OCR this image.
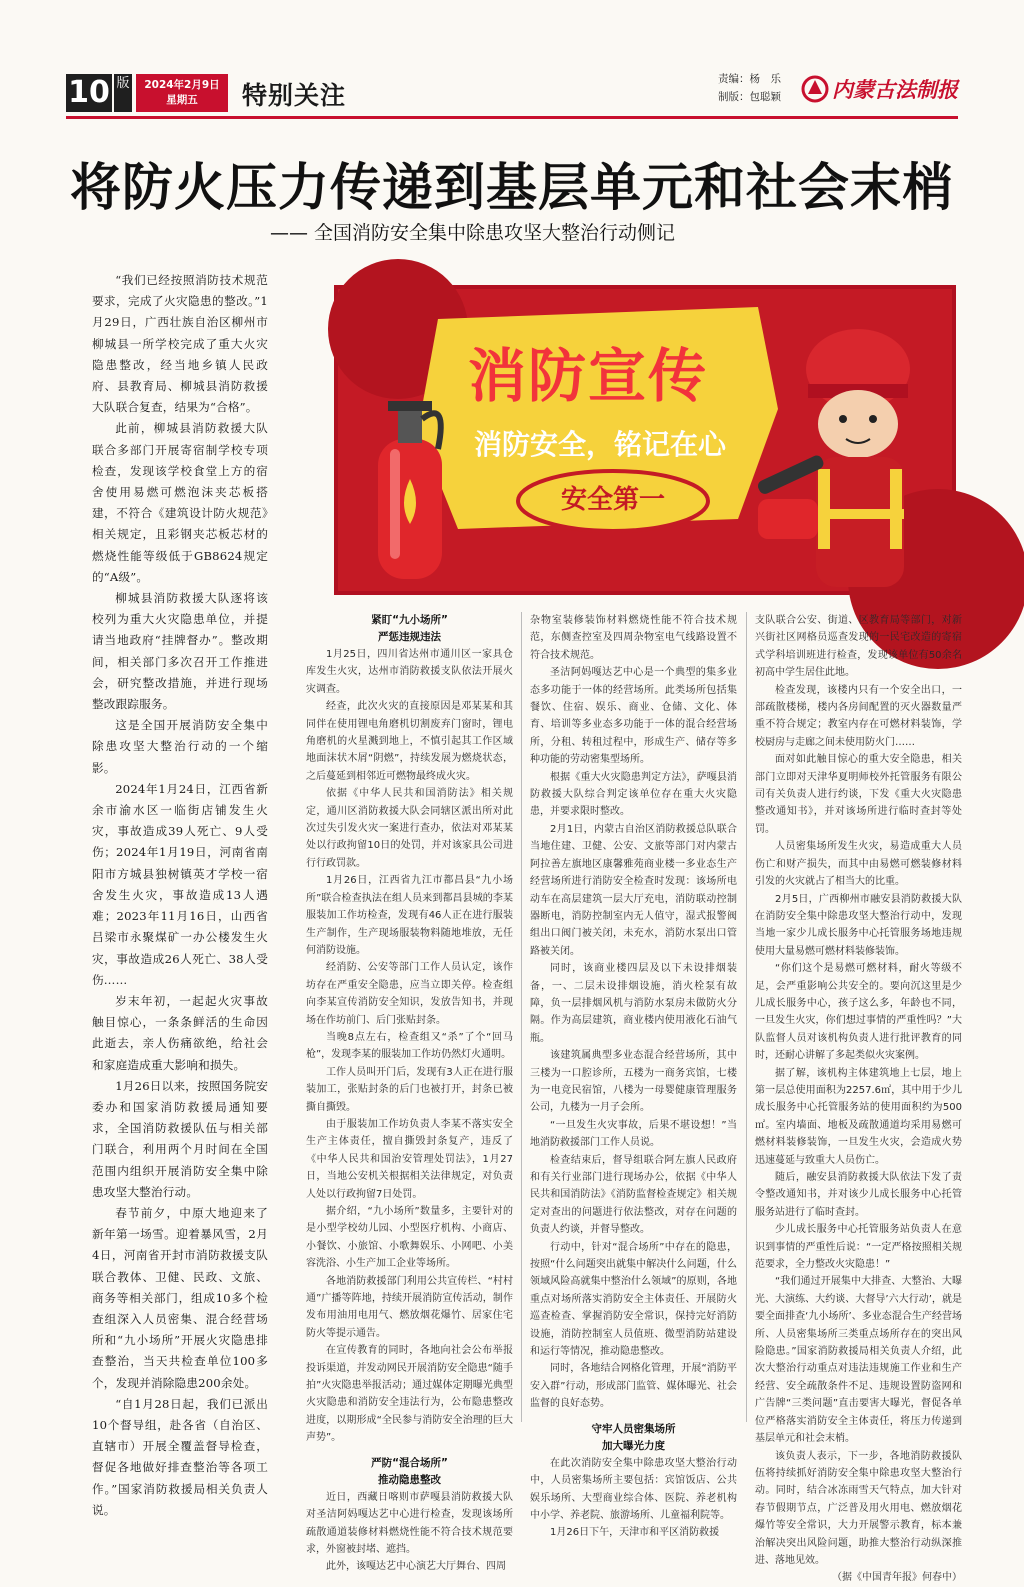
10 版	2024年2月9日
星期五	特别关注
责编：杨　乐
制版：包聪颖 内蒙古法制报
将防火压力传递到基层单元和社会末梢
—— 全国消防安全集中除患攻坚大整治行动侧记

“我们已经按照消防技术规范要求，完成了火灾隐患的整改。”1月29日，广西壮族自治区柳州市柳城县一所学校完成了重大火灾隐患整改，经当地乡镇人民政府、县教育局、柳城县消防救援大队联合复查，结果为“合格”。

此前，柳城县消防救援大队联合多部门开展寄宿制学校专项检查，发现该学校食堂上方的宿舍使用易燃可燃泡沫夹芯板搭建，不符合《建筑设计防火规范》相关规定，且彩钢夹芯板芯材的燃烧性能等级低于GB8624规定的“A级”。

柳城县消防救援大队逐将该校列为重大火灾隐患单位，并提请当地政府“挂牌督办”。整改期间，相关部门多次召开工作推进会，研究整改措施，并进行现场整改跟踪服务。

这是全国开展消防安全集中除患攻坚大整治行动的一个缩影。

2024年1月24日，江西省新余市渝水区一临街店铺发生火灾，事故造成39人死亡、9人受伤；2024年1月19日，河南省南阳市方城县独树镇英才学校一宿舍发生火灾，事故造成13人遇难；2023年11月16日，山西省吕梁市永聚煤矿一办公楼发生火灾，事故造成26人死亡、38人受伤……

岁末年初，一起起火灾事故触目惊心，一条条鲜活的生命因此逝去，亲人伤痛欲绝，给社会和家庭造成重大影响和损失。

1月26日以来，按照国务院安委办和国家消防救援局通知要求，全国消防救援队伍与相关部门联合，利用两个月时间在全国范围内组织开展消防安全集中除患攻坚大整治行动。

春节前夕，中原大地迎来了新年第一场雪。迎着暴风雪，2月4日，河南省开封市消防救援支队联合教体、卫健、民政、文旅、商务等相关部门，组成10多个检查组深入人员密集、混合经营场所和“九小场所”开展火灾隐患排查整治，当天共检查单位100多个，发现并消除隐患200余处。

“自1月28日起，我们已派出10个督导组，赴各省（自治区、直辖市）开展全覆盖督导检查，督促各地做好排查整治等各项工作。”国家消防救援局相关负责人说。

消防宣传
消防安全，铭记在心
安全第一

紧盯“九小场所”

严惩违规违法

1月25日，四川省达州市通川区一家具仓库发生火灾，达州市消防救援支队依法开展火灾调查。

经查，此次火灾的直接原因是邓某某和其同伴在使用锂电角磨机切割废弃门窗时，锂电角磨机的火星溅到地上，不慎引起其工作区域地面沫状木屑“阴燃”，持续发展为燃烧状态，之后蔓延到相邻近可燃物最终成火灾。

依据《中华人民共和国消防法》相关规定，通川区消防救援大队会同辖区派出所对此次过失引发火灾一案进行查办，依法对邓某某处以行政拘留10日的处罚，并对该家具公司进行行政罚款。

1月26日，江西省九江市都昌县“九小场所”联合检查执法在组人员来到都昌县城的李某服装加工作坊检查，发现有46人正在进行服装生产制作，生产现场服装物料随地堆放，无任何消防设施。

经消防、公安等部门工作人员认定，该作坊存在严重安全隐患，应当立即关停。检查组向李某宣传消防安全知识，发放告知书，并现场在作坊前门、后门张贴封条。

当晚8点左右，检查组又“杀”了个“回马枪”，发现李某的服装加工作坊仍然灯火通明。

工作人员叫开门后，发现有3人正在进行服装加工，张贴封条的后门也被打开，封条已被撕自撕毁。

由于服装加工作坊负责人李某不落实安全生产主体责任，擅自撕毁封条复产，违反了《中华人民共和国治安管理处罚法》，1月27日，当地公安机关根据相关法律规定，对负责人处以行政拘留7日处罚。

据介绍，“九小场所”数量多，主要针对的是小型学校幼儿园、小型医疗机构、小商店、小餐饮、小旅馆、小歌舞娱乐、小网吧、小美容洗浴、小生产加工企业等场所。

各地消防救援部门利用公共宣传栏、“村村通”广播等阵地，持续开展消防宣传活动，制作发布用油用电用气、燃放烟花爆竹、居家住宅防火等提示通告。

在宣传教育的同时，各地向社会公布举报投诉渠道，并发动网民开展消防安全隐患“随手拍”火灾隐患举报活动；通过媒体定期曝光典型火灾隐患和消防安全违法行为，公布隐患整改进度，以期形成“全民参与消防安全治理的巨大声势”。

严防“混合场所”

推动隐患整改

近日，西藏日喀则市萨嘎县消防救援大队对圣洁阿妈嘎达艺中心进行检查，发现该场所疏散通道装修材料燃烧性能不符合技术规范要求，外窗被封堵、遮挡。

此外，该嘎达艺中心演艺大厅舞台、四周

杂物室装修装饰材料燃烧性能不符合技术规范，东侧查控室及四周杂物室电气线路设置不符合技术规范。

圣洁阿妈嘎达艺中心是一个典型的集多业态多功能于一体的经营场所。此类场所包括集餐饮、住宿、娱乐、商业、仓储、文化、体育、培训等多业态多功能于一体的混合经营场所，分租、转租过程中，形成生产、储存等多种功能的劳动密集型场所。

根据《重大火灾隐患判定方法》，萨嘎县消防救援大队综合判定该单位存在重大火灾隐患，并要求限时整改。

2月1日，内蒙古自治区消防救援总队联合当地住建、卫健、公安、文旅等部门对内蒙古阿拉善左旗地区康馨雅苑商业楼一多业态生产经营场所进行消防安全检查时发现：该场所电动车在高层建筑一层大厅充电，消防联动控制器断电，消防控制室内无人值守，湿式报警阀组出口阀门被关闭，未充水，消防水泵出口管路被关闭。

同时，该商业楼四层及以下未设排烟装备，一、二层未设排烟设施，消火栓泵有故障，负一层排烟风机与消防水泵房未做防火分隔。作为高层建筑，商业楼内使用液化石油气瓶。

该建筑属典型多业态混合经营场所，其中三楼为一口腔诊所，五楼为一商务宾馆，七楼为一电竞民宿馆，八楼为一母婴健康管理服务公司，九楼为一月子会所。

“一旦发生火灾事故，后果不堪设想！”当地消防救援部门工作人员说。

检查结束后，督导组联合阿左旗人民政府和有关行业部门进行现场办公，依据《中华人民共和国消防法》《消防监督检查规定》相关规定对查出的问题进行依法整改，对存在问题的负责人约谈，并督导整改。

行动中，针对“混合场所”中存在的隐患，按照“什么问题突出就集中解决什么问题，什么领域风险高就集中整治什么领域”的原则，各地重点对场所落实消防安全主体责任、开展防火巡查检查、掌握消防安全常识，保持完好消防设施，消防控制室人员值班、微型消防站建设和运行等情况，推动隐患整改。

同时，各地结合网格化管理，开展“消防平安入群”行动，形成部门监管、媒体曝光、社会监督的良好态势。

守牢人员密集场所

加大曝光力度

在此次消防安全集中除患攻坚大整治行动中，人员密集场所主要包括：宾馆饭店、公共娱乐场所、大型商业综合体、医院、养老机构中小学、养老院、旅游场所、儿童福利院等。

1月26日下午，天津市和平区消防救援

支队联合公安、街道、区教育局等部门，对新兴街社区网格员巡查发现的一民宅改造的寄宿式学科培训班进行检查，发现该单位有50余名初高中学生居住此地。

检查发现，该楼内只有一个安全出口，一部疏散楼梯，楼内各房间配置的灭火器数量严重不符合规定；教室内存在可燃材料装饰，学校厨房与走廊之间未使用防火门……

面对如此触目惊心的重大安全隐患，相关部门立即对天津华夏明师校外托管服务有限公司有关负责人进行约谈，下发《重大火灾隐患整改通知书》，并对该场所进行临时查封等处罚。

人员密集场所发生火灾，易造成重大人员伤亡和财产损失，而其中由易燃可燃装修材料引发的火灾就占了相当大的比重。

2月5日，广西柳州市融安县消防救援大队在消防安全集中除患攻坚大整治行动中，发现当地一家少儿成长服务中心托管服务场地违规使用大量易燃可燃材料装修装饰。

“你们这个是易燃可燃材料，耐火等级不足，会严重影响公共安全的。要向沉这里是少儿成长服务中心，孩子这么多，年龄也不同，一旦发生火灾，你们想过事情的严重性吗？”大队监督人员对该机构负责人进行批评教育的同时，还耐心讲解了多起类似火灾案例。

据了解，该机构主体建筑地上七层，地上第一层总使用面积为2257.6㎡，其中用于少儿成长服务中心托管服务站的使用面积约为500㎡。室内墙面、地板及疏散通道均采用易燃可燃材料装修装饰，一旦发生火灾，会造成火势迅速蔓延与致重大人员伤亡。

随后，融安县消防救援大队依法下发了责令整改通知书，并对该少儿成长服务中心托管服务站进行了临时查封。

少儿成长服务中心托管服务站负责人在意识到事情的严重性后说：“一定严格按照相关规范要求，全力整改火灾隐患！”

“我们通过开展集中大排查、大整治、大曝光、大演练、大约谈、大督导’六大行动’，就是要全面排查‘九小场所’、多业态混合生产经营场所、人员密集场所三类重点场所存在的突出风险隐患。”国家消防救援局相关负责人介绍，此次大整治行动重点对违法违规施工作业和生产经营、安全疏散条件不足、违规设置防盗网和广告牌“三类问题”直击要害大曝光，督促各单位严格落实消防安全主体责任，将压力传递到基层单元和社会末梢。

该负责人表示，下一步，各地消防救援队伍将持续抓好消防安全集中除患攻坚大整治行动。同时，结合冰冻雨雪天气特点，加大针对春节假期节点，广泛普及用火用电、燃放烟花爆竹等安全常识，大力开展警示教育，标本兼治解决突出风险问题，助推大整治行动纵深推进、落地见效。

（据《中国青年报》何春中）
